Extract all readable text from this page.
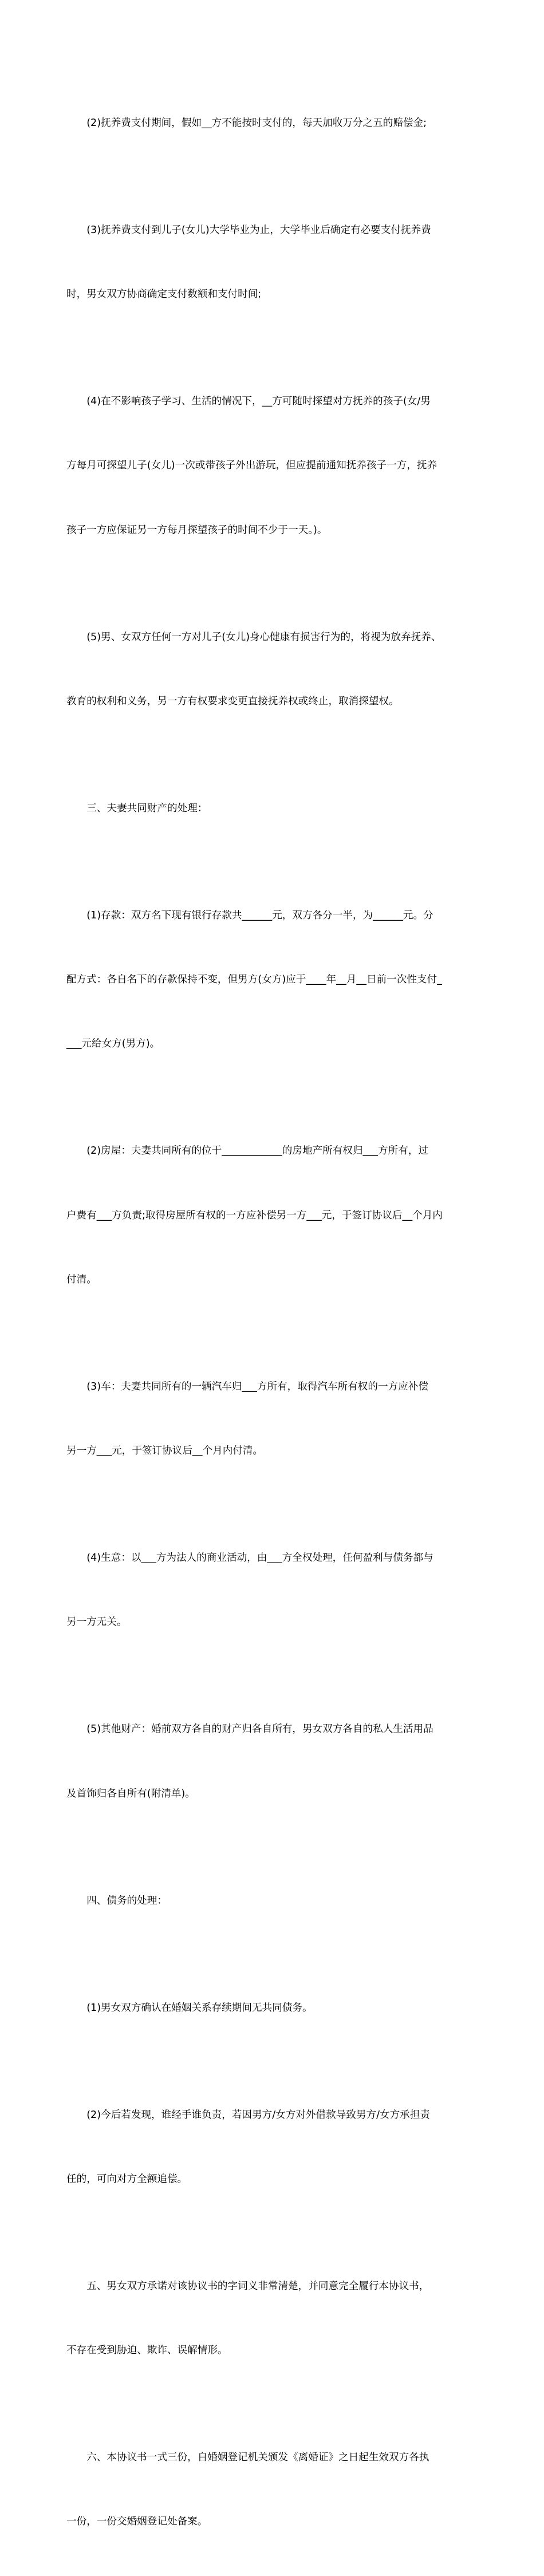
(2)抚养费支付期间，假如__方不能按时支付的，每天加收万分之五的赔偿金;

(3)抚养费支付到儿子(女儿)大学毕业为止，大学毕业后确定有必要支付抚养费

时，男女双方协商确定支付数额和支付时间;

(4)在不影响孩子学习、生活的情况下，__方可随时探望对方抚养的孩子(女/男

方每月可探望儿子(女儿)一次或带孩子外出游玩，但应提前通知抚养孩子一方，抚养

孩子一方应保证另一方每月探望孩子的时间不少于一天。)。

(5)男、女双方任何一方对儿子(女儿)身心健康有损害行为的，将视为放弃抚养、

教育的权利和义务，另一方有权要求变更直接抚养权或终止，取消探望权。

三、夫妻共同财产的处理：

(1)存款：双方名下现有银行存款共______元，双方各分一半，为______元。分

配方式：各自名下的存款保持不变，但男方(女方)应于____年__月__日前一次性支付_

___元给女方(男方)。

(2)房屋：夫妻共同所有的位于____________的房地产所有权归___方所有，过

户费有___方负责;取得房屋所有权的一方应补偿另一方___元，于签订协议后__个月内

付清。

(3)车：夫妻共同所有的一辆汽车归___方所有，取得汽车所有权的一方应补偿

另一方___元，于签订协议后__个月内付清。

(4)生意：以___方为法人的商业活动，由___方全权处理，任何盈利与债务都与

另一方无关。

(5)其他财产：婚前双方各自的财产归各自所有，男女双方各自的私人生活用品

及首饰归各自所有(附清单)。

四、债务的处理：

(1)男女双方确认在婚姻关系存续期间无共同债务。

(2)今后若发现，谁经手谁负责，若因男方/女方对外借款导致男方/女方承担责

任的，可向对方全额追偿。

五、男女双方承诺对该协议书的字词义非常清楚，并同意完全履行本协议书，

不存在受到胁迫、欺诈、误解情形。

六、本协议书一式三份，自婚姻登记机关颁发《离婚证》之日起生效双方各执

一份，一份交婚姻登记处备案。
